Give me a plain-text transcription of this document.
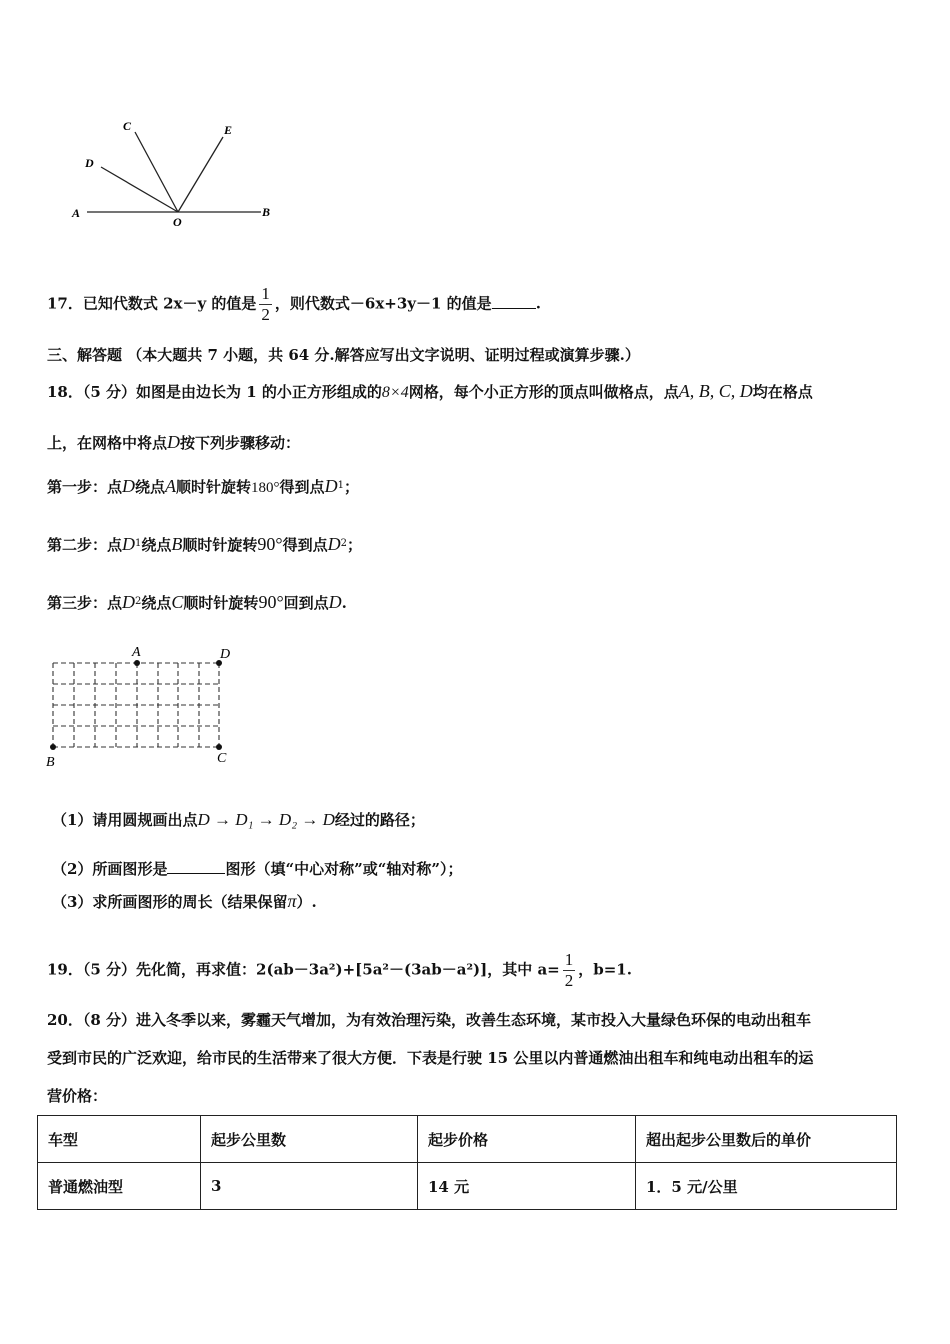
A	B
C
D
E
O
17．已知代数式 2x－y 的值是 $\frac{1}{2}$ ，则代数式－6x+3y－1 的值是	.
三、解答题 （本大题共 7 小题，共 64 分.解答应写出文字说明、证明过程或演算步骤.）
18．（5 分）如图是由边长为 1 的小正方形组成的8×4网格，每个小正方形的顶点叫做格点，点A, B, C, D均在格点
上，在网格中将点D按下列步骤移动：
第一步：点D绕点A顺时针旋转180°得到点$D^1$；
第二步：点$D^1$绕点B顺时针旋转90°得到点$D^2$；
第三步：点$D^2$绕点C顺时针旋转90°回到点D.
A	D
B	C
（1）请用圆规画出点D → D₁ → D₂ → D经过的路径；
（2）所画图形是	图形（填“中心对称”或“轴对称”）；
（3）求所画图形的周长（结果保留π）.
19．（5 分）先化简，再求值：2(ab－3a²)+[5a²－(3ab－a²)]，其中 $a= \frac{1}{2}$ ，b=1.
20．（8 分）进入冬季以来，雾霾天气增加，为有效治理污染，改善生态环境，某市投入大量绿色环保的电动出租车
受到市民的广泛欢迎，给市民的生活带来了很大方便．下表是行驶 15 公里以内普通燃油出租车和纯电动出租车的运
营价格：
车型	起步公里数	起步价格	超出起步公里数后的单价
普通燃油型	3	14 元	1．5 元/公里
